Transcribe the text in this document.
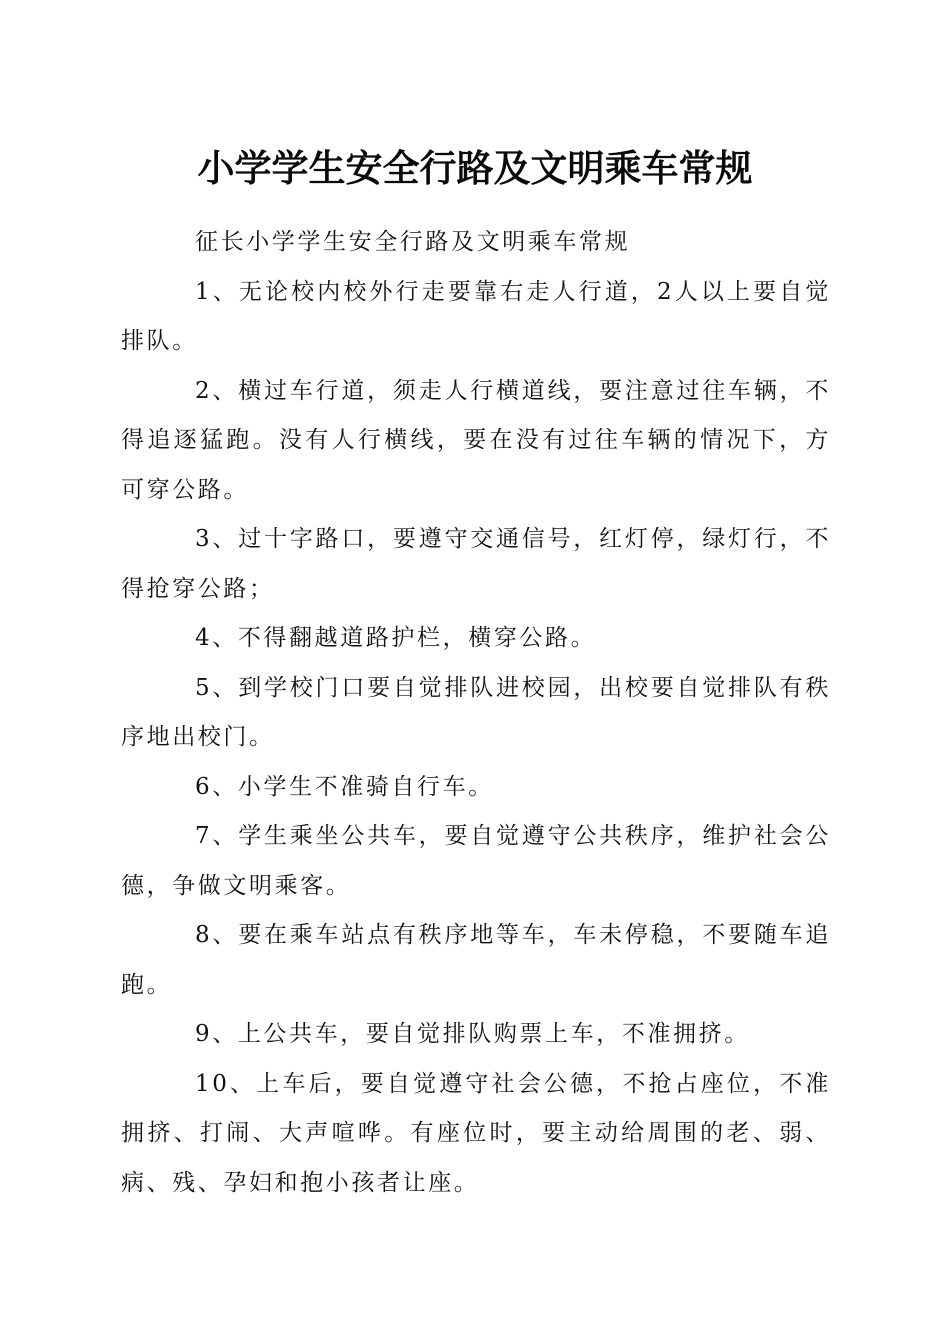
小学学生安全行路及文明乘车常规

征长小学学生安全行路及文明乘车常规

1、无论校内校外行走要靠右走人行道，2人以上要自觉排队。

2、横过车行道，须走人行横道线，要注意过往车辆，不得追逐猛跑。没有人行横线，要在没有过往车辆的情况下，方可穿公路。

3、过十字路口，要遵守交通信号，红灯停，绿灯行，不得抢穿公路；

4、不得翻越道路护栏，横穿公路。

5、到学校门口要自觉排队进校园，出校要自觉排队有秩序地出校门。

6、小学生不准骑自行车。

7、学生乘坐公共车，要自觉遵守公共秩序，维护社会公德，争做文明乘客。

8、要在乘车站点有秩序地等车，车未停稳，不要随车追跑。

9、上公共车，要自觉排队购票上车，不准拥挤。

10、上车后，要自觉遵守社会公德，不抢占座位，不准拥挤、打闹、大声喧哗。有座位时，要主动给周围的老、弱、病、残、孕妇和抱小孩者让座。
